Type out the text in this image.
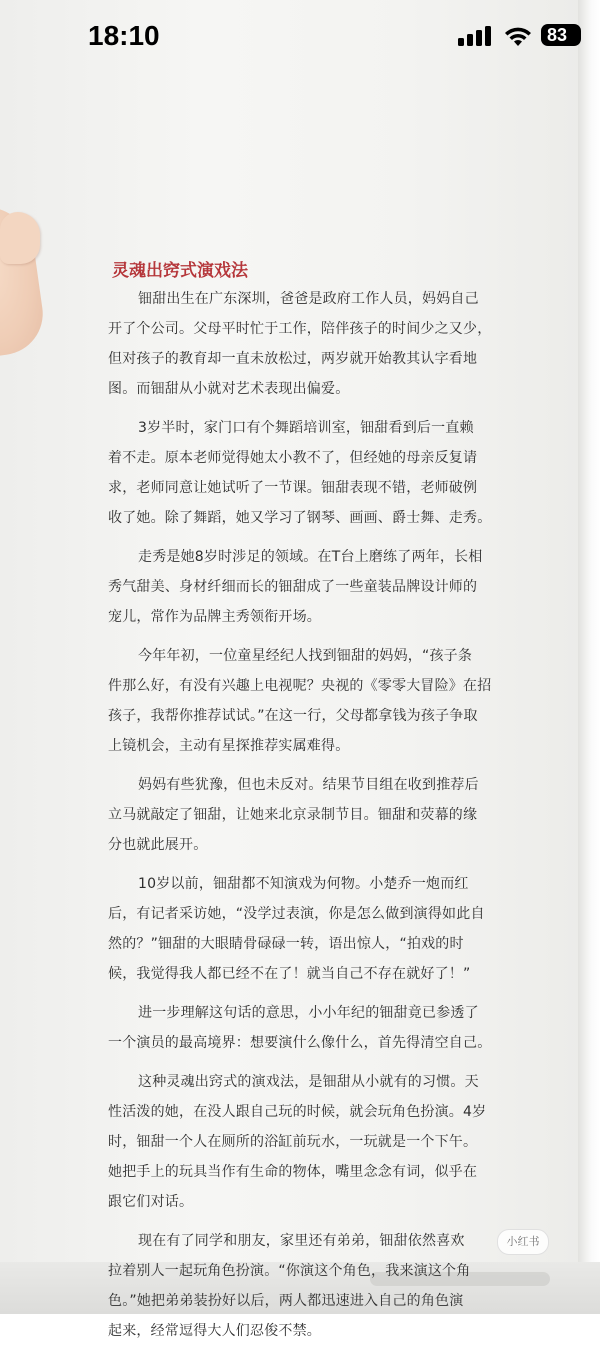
18:10	83
灵魂出窍式演戏法
钿甜出生在广东深圳，爸爸是政府工作人员，妈妈自己
开了个公司。父母平时忙于工作，陪伴孩子的时间少之又少，
但对孩子的教育却一直未放松过，两岁就开始教其认字看地
图。而钿甜从小就对艺术表现出偏爱。
3岁半时，家门口有个舞蹈培训室，钿甜看到后一直赖
着不走。原本老师觉得她太小教不了，但经她的母亲反复请
求，老师同意让她试听了一节课。钿甜表现不错，老师破例
收了她。除了舞蹈，她又学习了钢琴、画画、爵士舞、走秀。
走秀是她8岁时涉足的领域。在T台上磨练了两年，长相
秀气甜美、身材纤细而长的钿甜成了一些童装品牌设计师的
宠儿，常作为品牌主秀领衔开场。
今年年初，一位童星经纪人找到钿甜的妈妈，“孩子条
件那么好，有没有兴趣上电视呢？央视的《零零大冒险》在招
孩子，我帮你推荐试试。”在这一行，父母都拿钱为孩子争取
上镜机会，主动有星探推荐实属难得。
妈妈有些犹豫，但也未反对。结果节目组在收到推荐后
立马就敲定了钿甜，让她来北京录制节目。钿甜和荧幕的缘
分也就此展开。
10岁以前，钿甜都不知演戏为何物。小楚乔一炮而红
后，有记者采访她，“没学过表演，你是怎么做到演得如此自
然的？”钿甜的大眼睛骨碌碌一转，语出惊人，“拍戏的时
候，我觉得我人都已经不在了！就当自己不存在就好了！”
进一步理解这句话的意思，小小年纪的钿甜竟已参透了
一个演员的最高境界：想要演什么像什么，首先得清空自己。
这种灵魂出窍式的演戏法，是钿甜从小就有的习惯。天
性活泼的她，在没人跟自己玩的时候，就会玩角色扮演。4岁
时，钿甜一个人在厕所的浴缸前玩水，一玩就是一个下午。
她把手上的玩具当作有生命的物体，嘴里念念有词，似乎在
跟它们对话。
现在有了同学和朋友，家里还有弟弟，钿甜依然喜欢
拉着别人一起玩角色扮演。“你演这个角色，我来演这个角
色。”她把弟弟装扮好以后，两人都迅速进入自己的角色演
起来，经常逗得大人们忍俊不禁。
小红书
